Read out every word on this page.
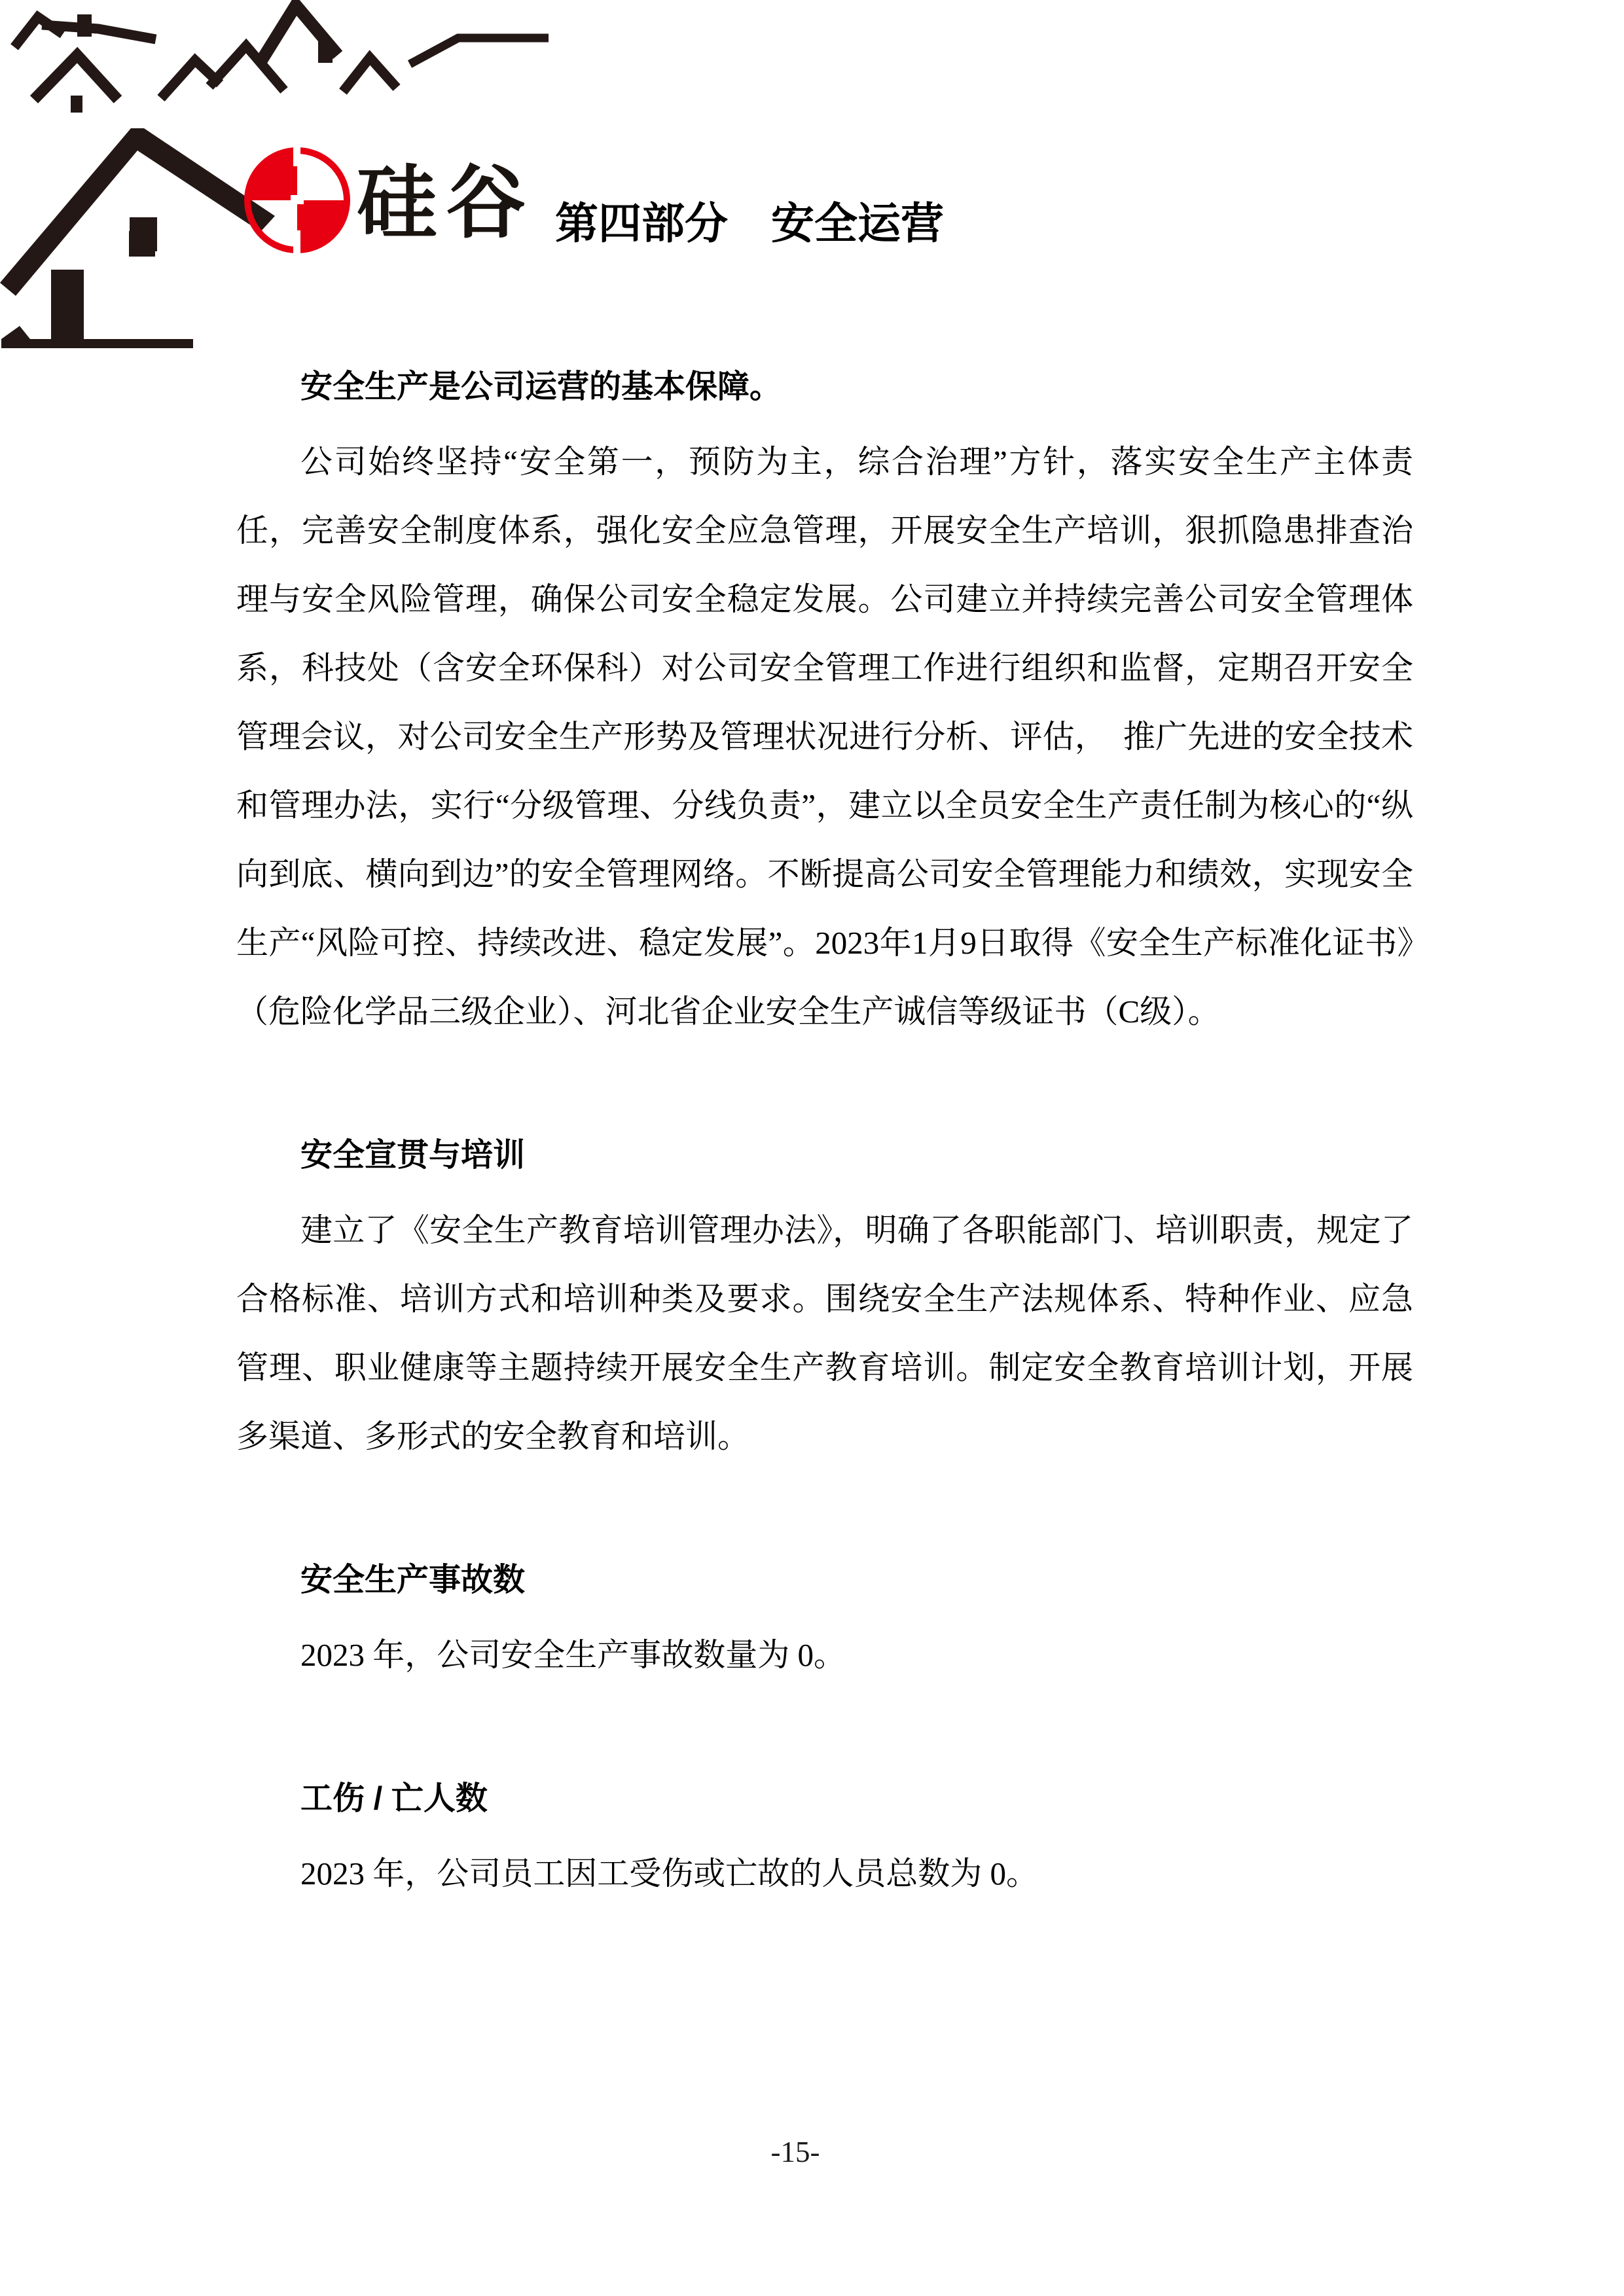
硅谷 第四部分　安全运营
安全生产是公司运营的基本保障。

公司始终坚持“安全第一，预防为主，综合治理”方针，落实安全生产主体责任，完善安全制度体系，强化安全应急管理，开展安全生产培训，狠抓隐患排查治理与安全风险管理，确保公司安全稳定发展。公司建立并持续完善公司安全管理体系，科技处（含安全环保科）对公司安全管理工作进行组织和监督，定期召开安全管理会议，对公司安全生产形势及管理状况进行分析、评估，　推广先进的安全技术和管理办法，实行“分级管理、分线负责”，建立以全员安全生产责任制为核心的“纵向到底、横向到边”的安全管理网络。不断提高公司安全管理能力和绩效，实现安全生产“风险可控、持续改进、稳定发展”。2023年1月9日取得《安全生产标准化证书》（危险化学品三级企业）、河北省企业安全生产诚信等级证书（C级）。

安全宣贯与培训

建立了《安全生产教育培训管理办法》，明确了各职能部门、培训职责，规定了合格标准、培训方式和培训种类及要求。围绕安全生产法规体系、特种作业、应急管理、职业健康等主题持续开展安全生产教育培训。制定安全教育培训计划，开展多渠道、多形式的安全教育和培训。

安全生产事故数

2023 年，公司安全生产事故数量为 0。

工伤 / 亡人数

2023 年，公司员工因工受伤或亡故的人员总数为 0。

-15-
